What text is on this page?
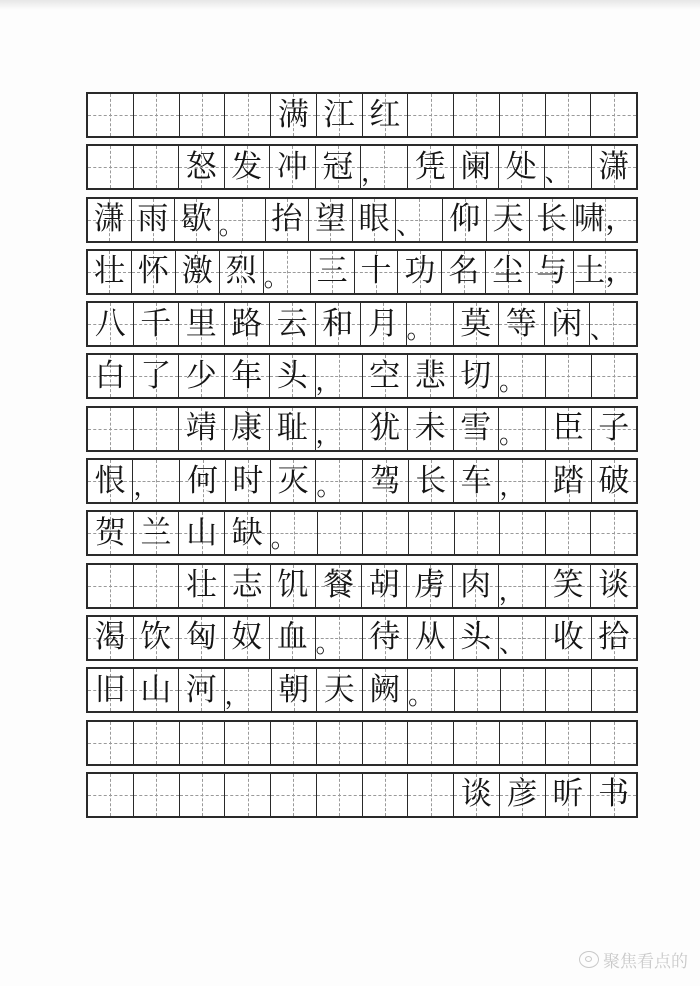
满 江 红
怒 发 冲 冠 ， 凭 阑 处 、 潇
潇 雨 歇 。 抬 望 眼 、 仰 天 长 啸，
壮 怀 激 烈 。 三 十 功 名 尘 与 土，
八 千 里 路 云 和 月 。 莫 等 闲 、
白 了 少 年 头 ， 空 悲 切 。
靖 康 耻 ， 犹 未 雪 。 臣 子
恨 ， 何 时 灭 。 驾 长 车 ， 踏 破
贺 兰 山 缺 。
壮 志 饥 餐 胡 虏 肉 ， 笑 谈
渴 饮 匈 奴 血 。 待 从 头 、 收 拾
旧 山 河 ， 朝 天 阙 。
谈 彦 昕 书
聚焦看点的
